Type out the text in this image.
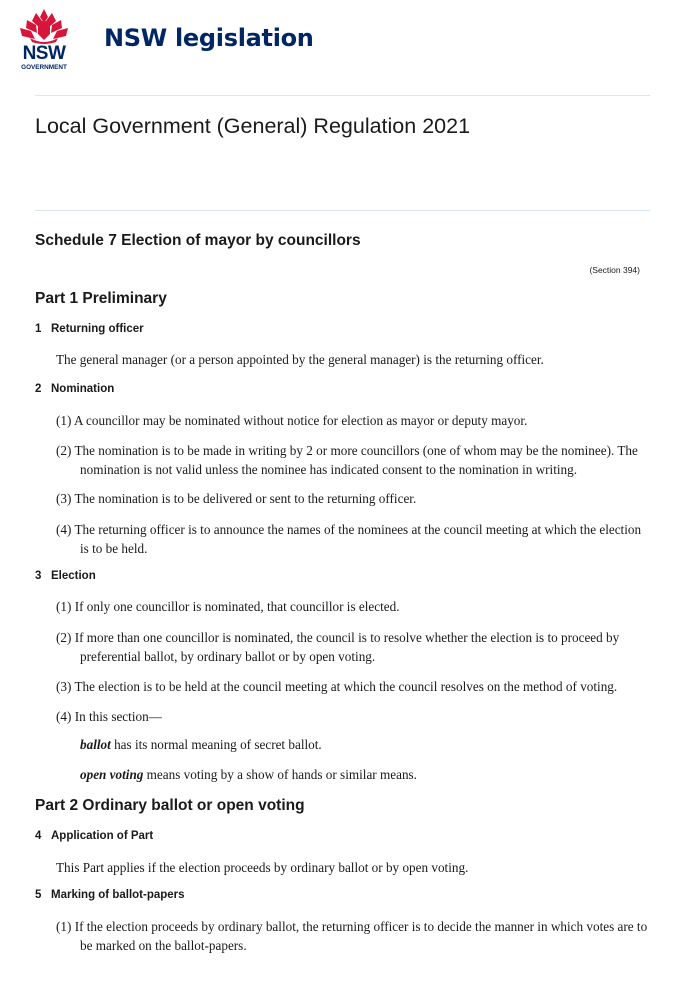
NSW
GOVERNMENT
NSW legislation
Local Government (General) Regulation 2021
Schedule 7 Election of mayor by councillors
(Section 394)
Part 1 Preliminary
1 Returning officer
The general manager (or a person appointed by the general manager) is the returning officer.
2 Nomination
(1) A councillor may be nominated without notice for election as mayor or deputy mayor.
(2) The nomination is to be made in writing by 2 or more councillors (one of whom may be the nominee). The nomination is not valid unless the nominee has indicated consent to the nomination in writing.
(3) The nomination is to be delivered or sent to the returning officer.
(4) The returning officer is to announce the names of the nominees at the council meeting at which the election is to be held.
3 Election
(1) If only one councillor is nominated, that councillor is elected.
(2) If more than one councillor is nominated, the council is to resolve whether the election is to proceed by preferential ballot, by ordinary ballot or by open voting.
(3) The election is to be held at the council meeting at which the council resolves on the method of voting.
(4) In this section—
ballot has its normal meaning of secret ballot.
open voting means voting by a show of hands or similar means.
Part 2 Ordinary ballot or open voting
4 Application of Part
This Part applies if the election proceeds by ordinary ballot or by open voting.
5 Marking of ballot-papers
(1) If the election proceeds by ordinary ballot, the returning officer is to decide the manner in which votes are to be marked on the ballot-papers.
